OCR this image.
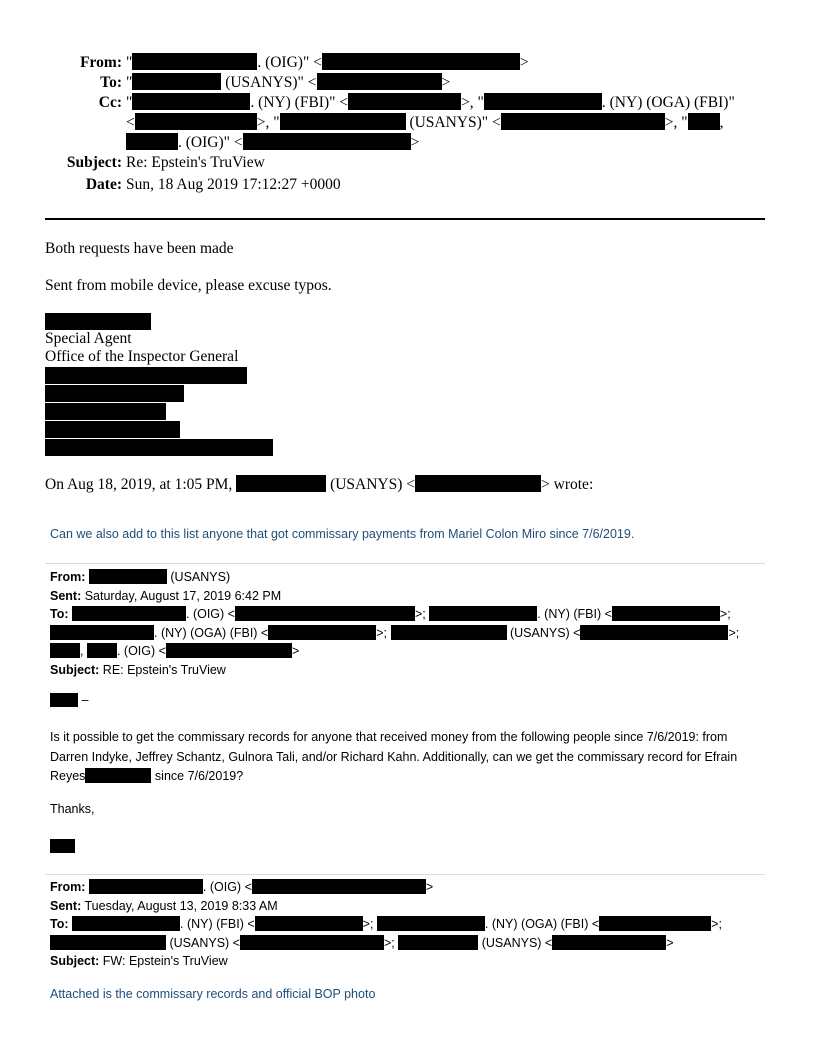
From: "	. (OIG)" <	>
To: "	(USANYS)" <	>
Cc: "	. (NY) (FBI)" <	>, "	. (NY) (OGA) (FBI)"
<	>, "	(USANYS)" <	>, " ,
. (OIG)" <	>
Subject: Re: Epstein's TruView
Date: Sun, 18 Aug 2019 17:12:27 +0000
Both requests have been made
Sent from mobile device, please excuse typos.
Special Agent
Office of the Inspector General
On Aug 18, 2019, at 1:05 PM,	(USANYS) <	> wrote:
Can we also add to this list anyone that got commissary payments from Mariel Colon Miro since 7/6/2019.
From:	(USANYS)
Sent: Saturday, August 17, 2019 6:42 PM
To:	. (OIG) <	>;	. (NY) (FBI) <	>;
. (NY) (OGA) (FBI) <	>;	(USANYS) <	>;
,	. (OIG) <	>
Subject: RE: Epstein's TruView
–
Is it possible to get the commissary records for anyone that received money from the following people since 7/6/2019: from Darren Indyke, Jeffrey Schantz, Gulnora Tali, and/or Richard Kahn. Additionally, can we get the commissary record for Efrain Reyes	since 7/6/2019?
Thanks,
From:	. (OIG) <	>
Sent: Tuesday, August 13, 2019 8:33 AM
To:	. (NY) (FBI) <	>;	. (NY) (OGA) (FBI) <	>;
(USANYS) <	>;	(USANYS) <	>
Subject: FW: Epstein's TruView
Attached is the commissary records and official BOP photo
